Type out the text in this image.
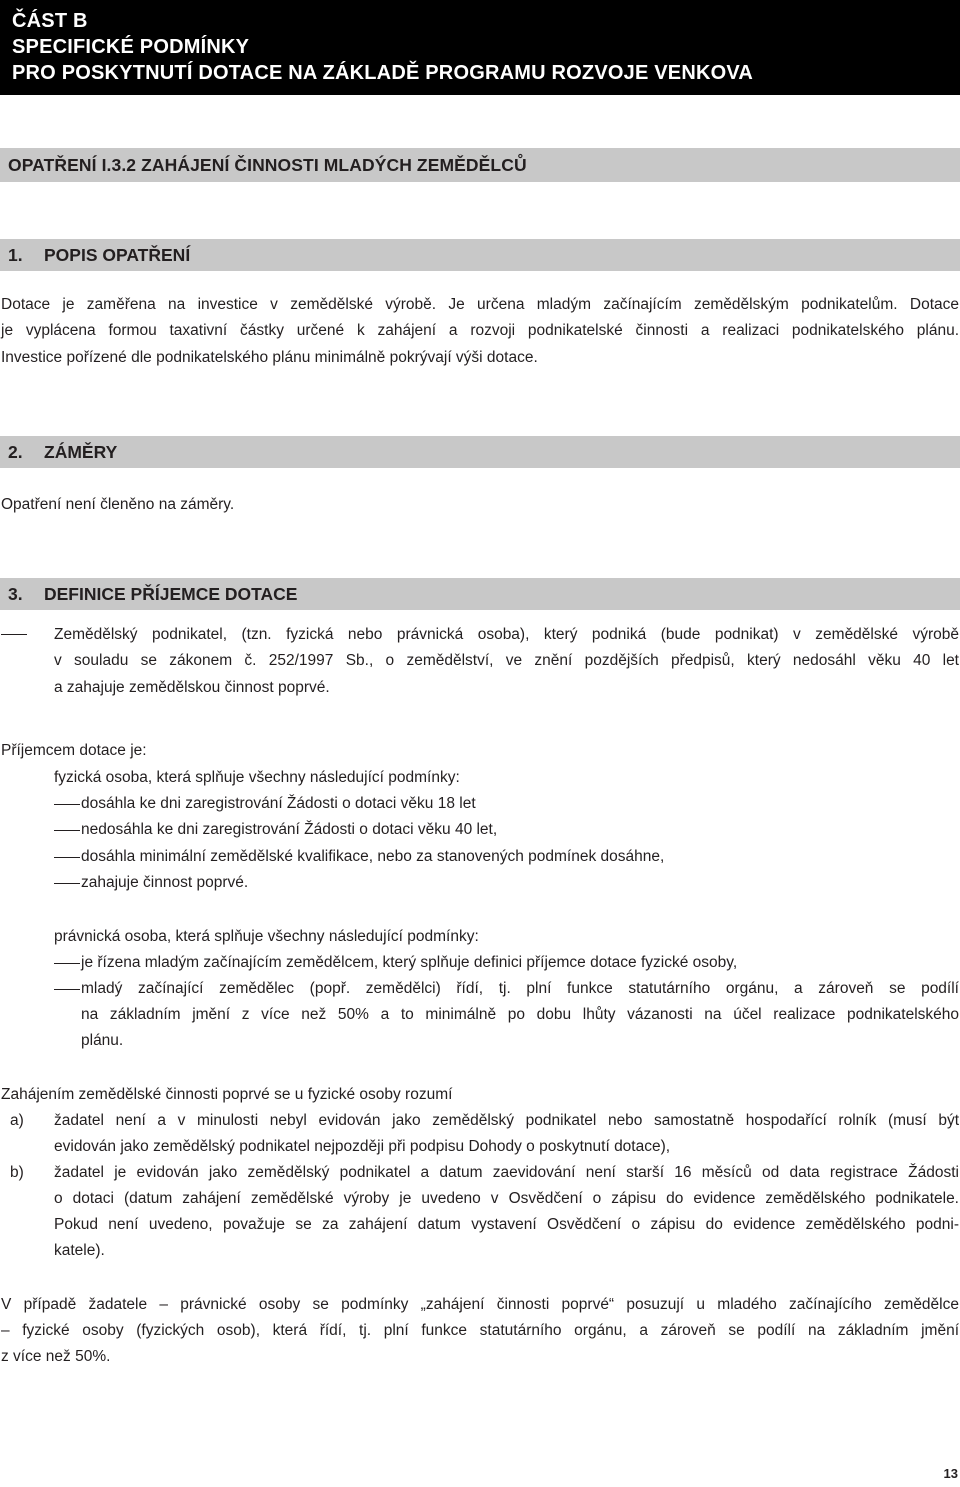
ČÁST B
SPECIFICKÉ PODMÍNKY
PRO POSKYTNUTÍ DOTACE NA ZÁKLADĚ PROGRAMU ROZVOJE VENKOVA
OPATŘENÍ I.3.2 ZAHÁJENÍ ČINNOSTI MLADÝCH ZEMĚDĚLCŮ
1. POPIS OPATŘENÍ
Dotace je zaměřena na investice v zemědělské výrobě. Je určena mladým začínajícím zemědělským podnikatelům. Dotace
je vyplácena formou taxativní částky určené k zahájení a rozvoji podnikatelské činnosti a realizaci podnikatelského plánu.
Investice pořízené dle podnikatelského plánu minimálně pokrývají výši dotace.
2. ZÁMĚRY
Opatření není členěno na záměry.
3. DEFINICE PŘÍJEMCE DOTACE
Zemědělský podnikatel, (tzn. fyzická nebo právnická osoba), který podniká (bude podnikat) v zemědělské výrobě
v souladu se zákonem č. 252/1997 Sb., o zemědělství, ve znění pozdějších předpisů, který nedosáhl věku 40 let
a zahajuje zemědělskou činnost poprvé.
Příjemcem dotace je:
fyzická osoba, která splňuje všechny následující podmínky:
dosáhla ke dni zaregistrování Žádosti o dotaci věku 18 let
nedosáhla ke dni zaregistrování Žádosti o dotaci věku 40 let,
dosáhla minimální zemědělské kvalifikace, nebo za stanovených podmínek dosáhne,
zahajuje činnost poprvé.
právnická osoba, která splňuje všechny následující podmínky:
je řízena mladým začínajícím zemědělcem, který splňuje definici příjemce dotace fyzické osoby,
mladý začínající zemědělec (popř. zemědělci) řídí, tj. plní funkce statutárního orgánu, a zároveň se podílí
na základním jmění z více než 50% a to minimálně po dobu lhůty vázanosti na účel realizace podnikatelského
plánu.
Zahájením zemědělské činnosti poprvé se u fyzické osoby rozumí
a) žadatel není a v minulosti nebyl evidován jako zemědělský podnikatel nebo samostatně hospodařící rolník (musí být
evidován jako zemědělský podnikatel nejpozději při podpisu Dohody o poskytnutí dotace),
b) žadatel je evidován jako zemědělský podnikatel a datum zaevidování není starší 16 měsíců od data registrace Žádosti
o dotaci (datum zahájení zemědělské výroby je uvedeno v Osvědčení o zápisu do evidence zemědělského podnikatele.
Pokud není uvedeno, považuje se za zahájení datum vystavení Osvědčení o zápisu do evidence zemědělského podni-
katele).
V případě žadatele – právnické osoby se podmínky „zahájení činnosti poprvé“ posuzují u mladého začínajícího zemědělce
– fyzické osoby (fyzických osob), která řídí, tj. plní funkce statutárního orgánu, a zároveň se podílí na základním jmění
z více než 50%.
13
